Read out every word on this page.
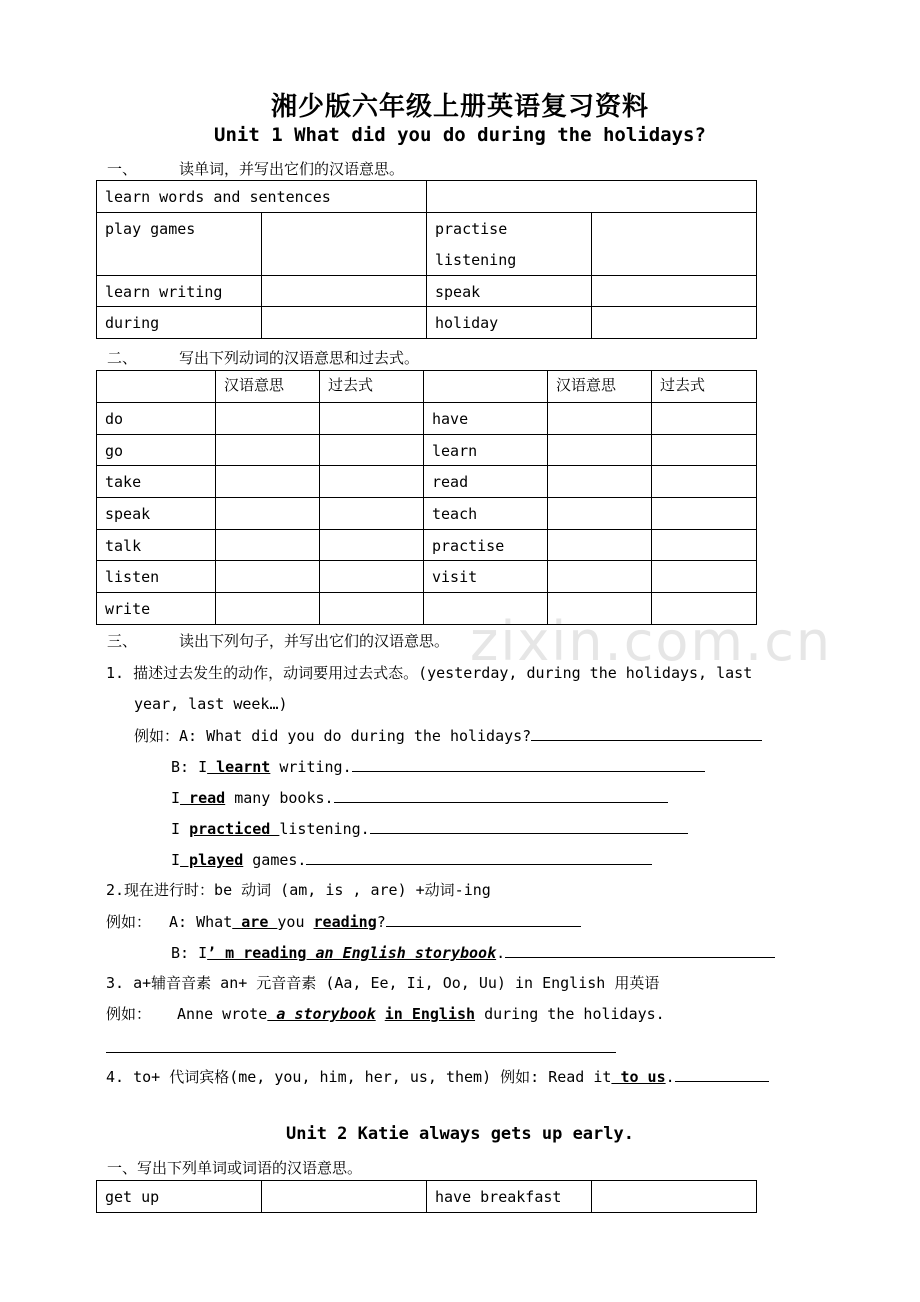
zixin.com.cn
湘少版六年级上册英语复习资料
Unit 1 What did you do during the holidays?
一、	读单词，并写出它们的汉语意思。
learn words and sentences			

play games		practise

listening	

learn writing		speak	

during		holiday	

二、	写出下列动词的汉语意思和过去式。

	汉语意思	过去式		汉语意思	过去式

do			have		

go			learn		

take			read		

speak			teach		

talk			practise		

listen			visit		

write					

三、	读出下列句子，并写出它们的汉语意思。
1. 描述过去发生的动作，动词要用过去式态。(yesterday, during the holidays, last
year, last week…)
例如：A: What did you do during the holidays?
B: I learnt writing.
I read many books.
I practiced listening.
I played games.
2.现在进行时：be 动词 (am, is , are) +动词-ing
例如： A: What are you reading?
B: I’ m reading an English storybook.
3. a+辅音音素 an+ 元音音素 (Aa, Ee, Ii, Oo, Uu) in English 用英语
例如： Anne wrote a storybook in English during the holidays.
4. to+ 代词宾格(me, you, him, her, us, them) 例如: Read it to us.
Unit 2 Katie always gets up early.
一、写出下列单词或词语的汉语意思。
get up		have breakfast
